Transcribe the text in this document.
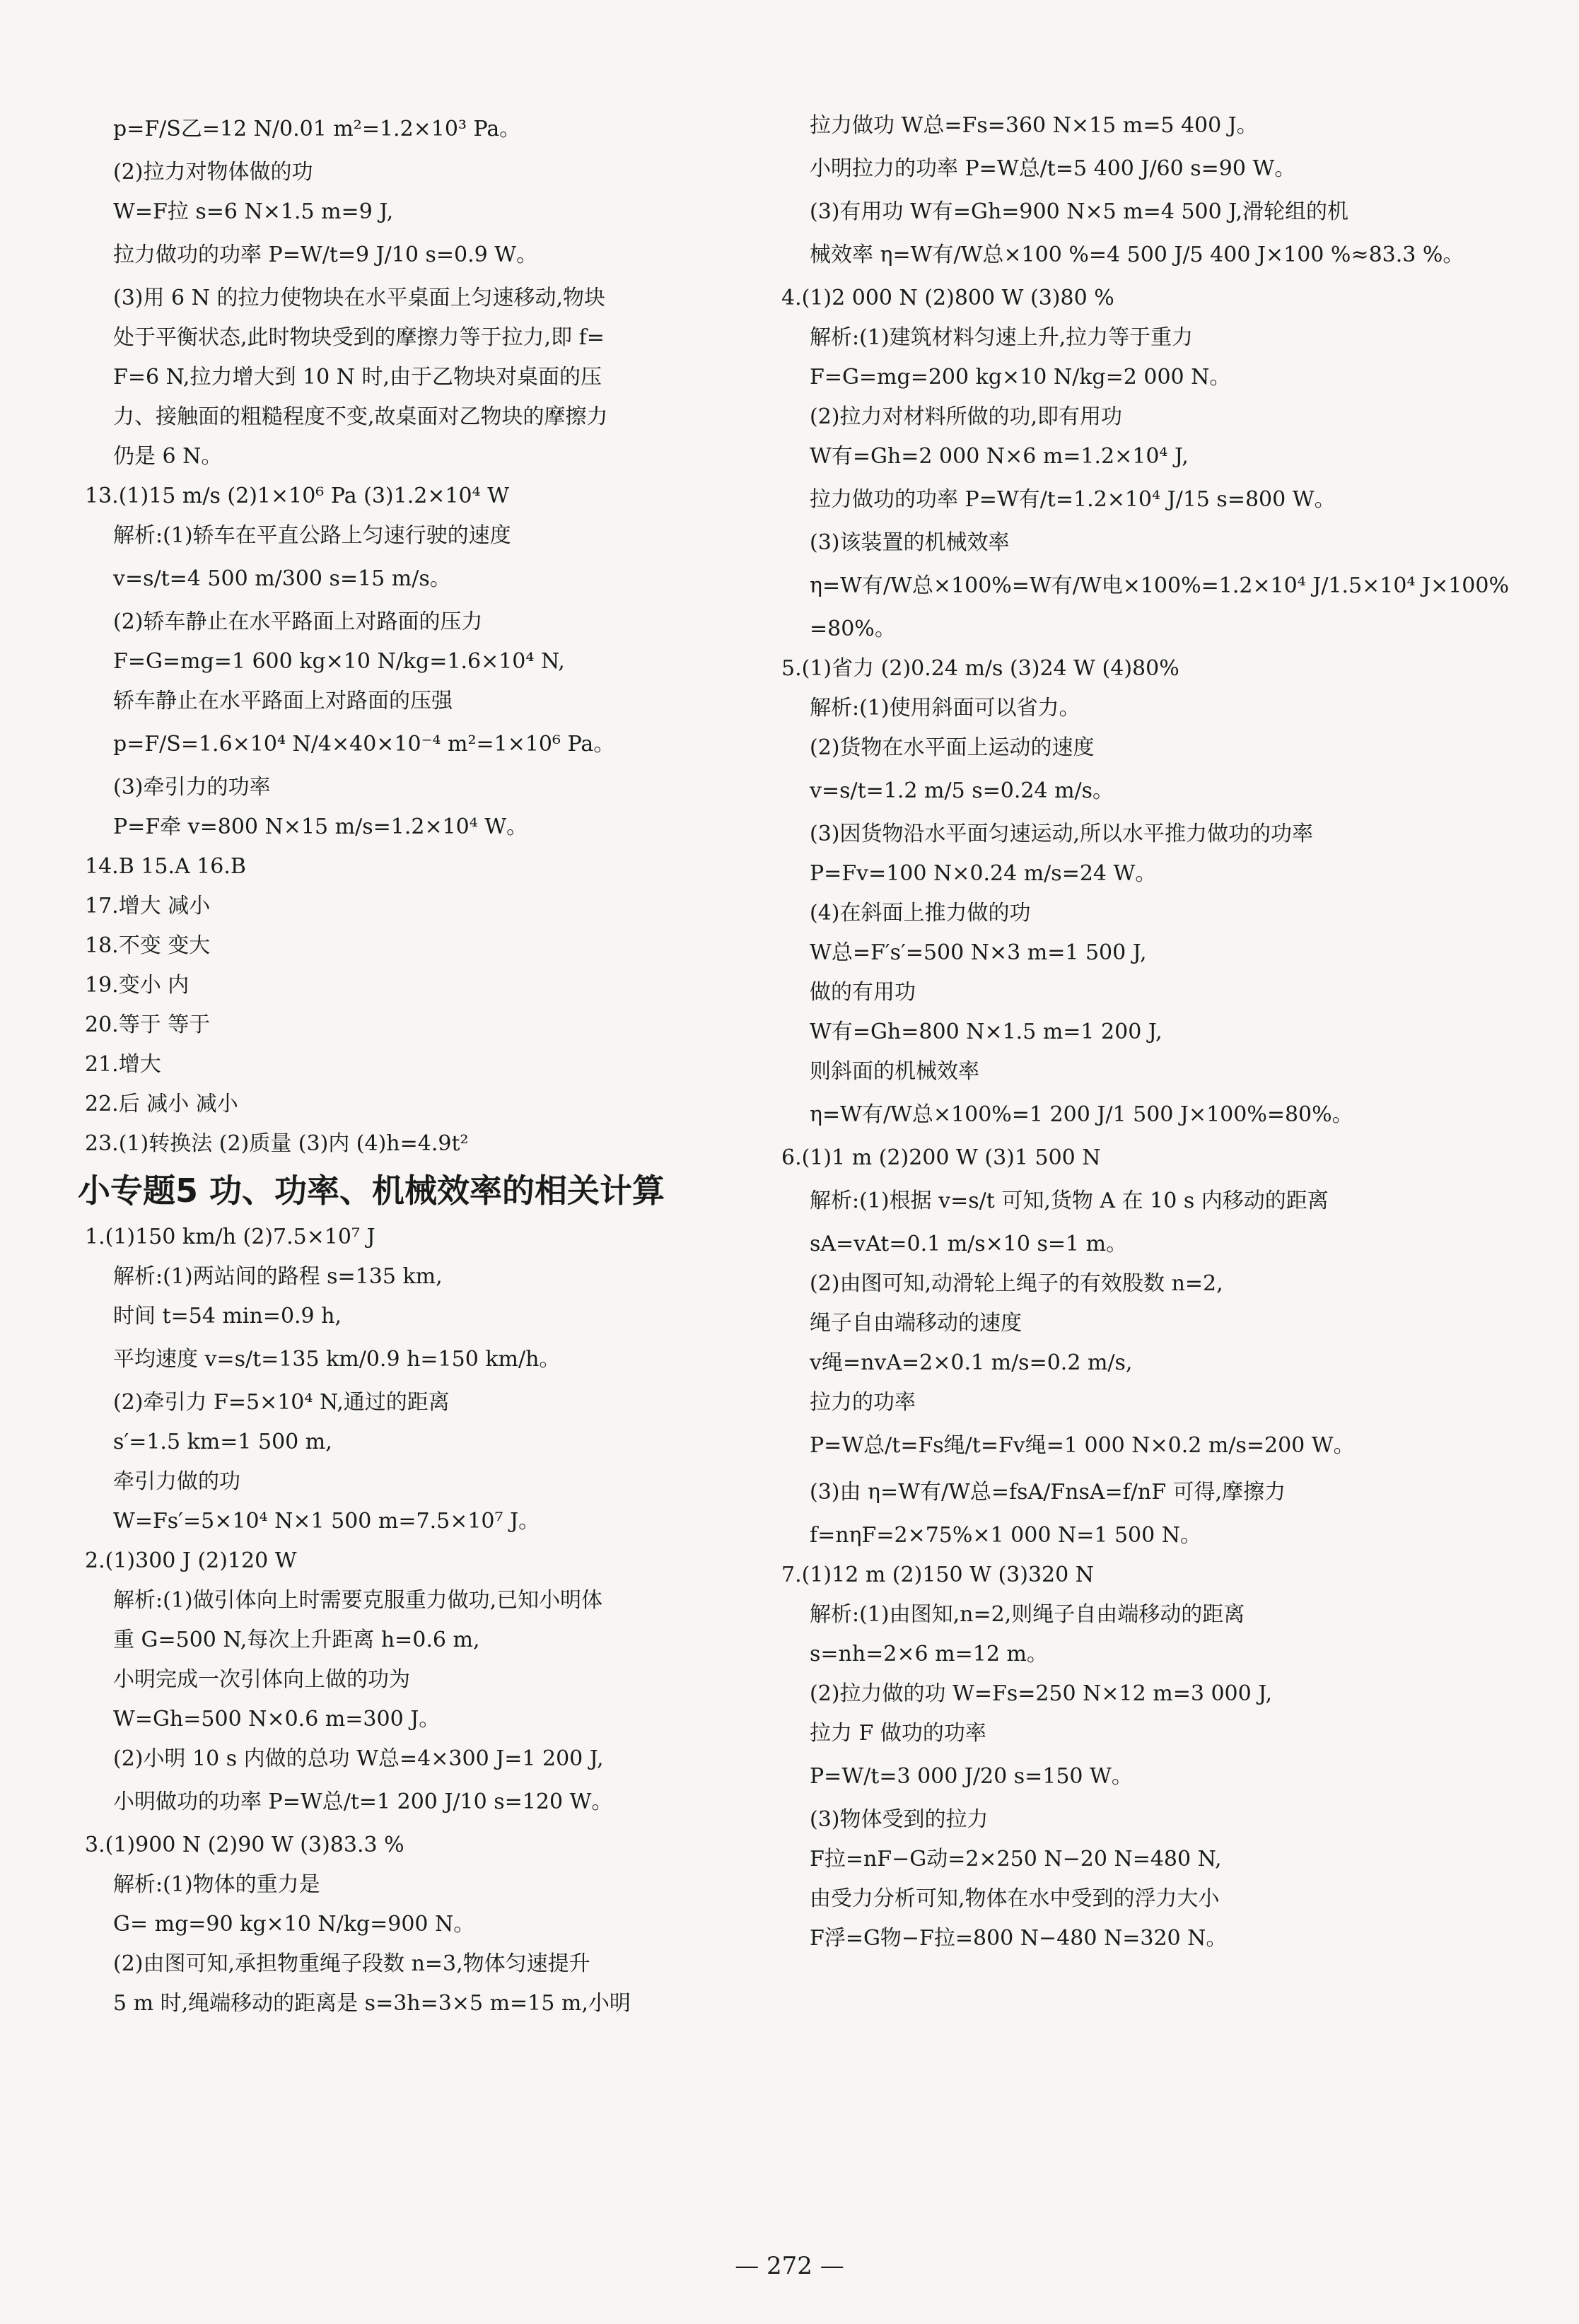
p=F/S乙=12 N/0.01 m²=1.2×10³ Pa。
(2)拉力对物体做的功
W=F拉 s=6 N×1.5 m=9 J,
拉力做功的功率 P=W/t=9 J/10 s=0.9 W。
(3)用 6 N 的拉力使物块在水平桌面上匀速移动,物块
处于平衡状态,此时物块受到的摩擦力等于拉力,即 f=
F=6 N,拉力增大到 10 N 时,由于乙物块对桌面的压
力、接触面的粗糙程度不变,故桌面对乙物块的摩擦力
仍是 6 N。
13.(1)15 m/s (2)1×10⁶ Pa (3)1.2×10⁴ W
解析:(1)轿车在平直公路上匀速行驶的速度
v=s/t=4 500 m/300 s=15 m/s。
(2)轿车静止在水平路面上对路面的压力
F=G=mg=1 600 kg×10 N/kg=1.6×10⁴ N,
轿车静止在水平路面上对路面的压强
p=F/S=1.6×10⁴ N/4×40×10⁻⁴ m²=1×10⁶ Pa。
(3)牵引力的功率
P=F牵 v=800 N×15 m/s=1.2×10⁴ W。
14.B 15.A 16.B
17.增大 减小
18.不变 变大
19.变小 内
20.等于 等于
21.增大
22.后 减小 减小
23.(1)转换法 (2)质量 (3)内 (4)h=4.9t²
小专题5 功、功率、机械效率的相关计算
1.(1)150 km/h (2)7.5×10⁷ J
解析:(1)两站间的路程 s=135 km,
时间 t=54 min=0.9 h,
平均速度 v=s/t=135 km/0.9 h=150 km/h。
(2)牵引力 F=5×10⁴ N,通过的距离
s′=1.5 km=1 500 m,
牵引力做的功
W=Fs′=5×10⁴ N×1 500 m=7.5×10⁷ J。
2.(1)300 J (2)120 W
解析:(1)做引体向上时需要克服重力做功,已知小明体
重 G=500 N,每次上升距离 h=0.6 m,
小明完成一次引体向上做的功为
W=Gh=500 N×0.6 m=300 J。
(2)小明 10 s 内做的总功 W总=4×300 J=1 200 J,
小明做功的功率 P=W总/t=1 200 J/10 s=120 W。
3.(1)900 N (2)90 W (3)83.3 %
解析:(1)物体的重力是
G= mg=90 kg×10 N/kg=900 N。
(2)由图可知,承担物重绳子段数 n=3,物体匀速提升
5 m 时,绳端移动的距离是 s=3h=3×5 m=15 m,小明
拉力做功 W总=Fs=360 N×15 m=5 400 J。
小明拉力的功率 P=W总/t=5 400 J/60 s=90 W。
(3)有用功 W有=Gh=900 N×5 m=4 500 J,滑轮组的机
械效率 η=W有/W总×100 %=4 500 J/5 400 J×100 %≈83.3 %。
4.(1)2 000 N (2)800 W (3)80 %
解析:(1)建筑材料匀速上升,拉力等于重力
F=G=mg=200 kg×10 N/kg=2 000 N。
(2)拉力对材料所做的功,即有用功
W有=Gh=2 000 N×6 m=1.2×10⁴ J,
拉力做功的功率 P=W有/t=1.2×10⁴ J/15 s=800 W。
(3)该装置的机械效率
η=W有/W总×100%=W有/W电×100%=1.2×10⁴ J/1.5×10⁴ J×100%
=80%。
5.(1)省力 (2)0.24 m/s (3)24 W (4)80%
解析:(1)使用斜面可以省力。
(2)货物在水平面上运动的速度
v=s/t=1.2 m/5 s=0.24 m/s。
(3)因货物沿水平面匀速运动,所以水平推力做功的功率
P=Fv=100 N×0.24 m/s=24 W。
(4)在斜面上推力做的功
W总=F′s′=500 N×3 m=1 500 J,
做的有用功
W有=Gh=800 N×1.5 m=1 200 J,
则斜面的机械效率
η=W有/W总×100%=1 200 J/1 500 J×100%=80%。
6.(1)1 m (2)200 W (3)1 500 N
解析:(1)根据 v=s/t 可知,货物 A 在 10 s 内移动的距离
sA=vAt=0.1 m/s×10 s=1 m。
(2)由图可知,动滑轮上绳子的有效股数 n=2,
绳子自由端移动的速度
v绳=nvA=2×0.1 m/s=0.2 m/s,
拉力的功率
P=W总/t=Fs绳/t=Fv绳=1 000 N×0.2 m/s=200 W。
(3)由 η=W有/W总=fsA/FnsA=f/nF 可得,摩擦力
f=nηF=2×75%×1 000 N=1 500 N。
7.(1)12 m (2)150 W (3)320 N
解析:(1)由图知,n=2,则绳子自由端移动的距离
s=nh=2×6 m=12 m。
(2)拉力做的功 W=Fs=250 N×12 m=3 000 J,
拉力 F 做功的功率
P=W/t=3 000 J/20 s=150 W。
(3)物体受到的拉力
F拉=nF−G动=2×250 N−20 N=480 N,
由受力分析可知,物体在水中受到的浮力大小
F浮=G物−F拉=800 N−480 N=320 N。
— 272 —
